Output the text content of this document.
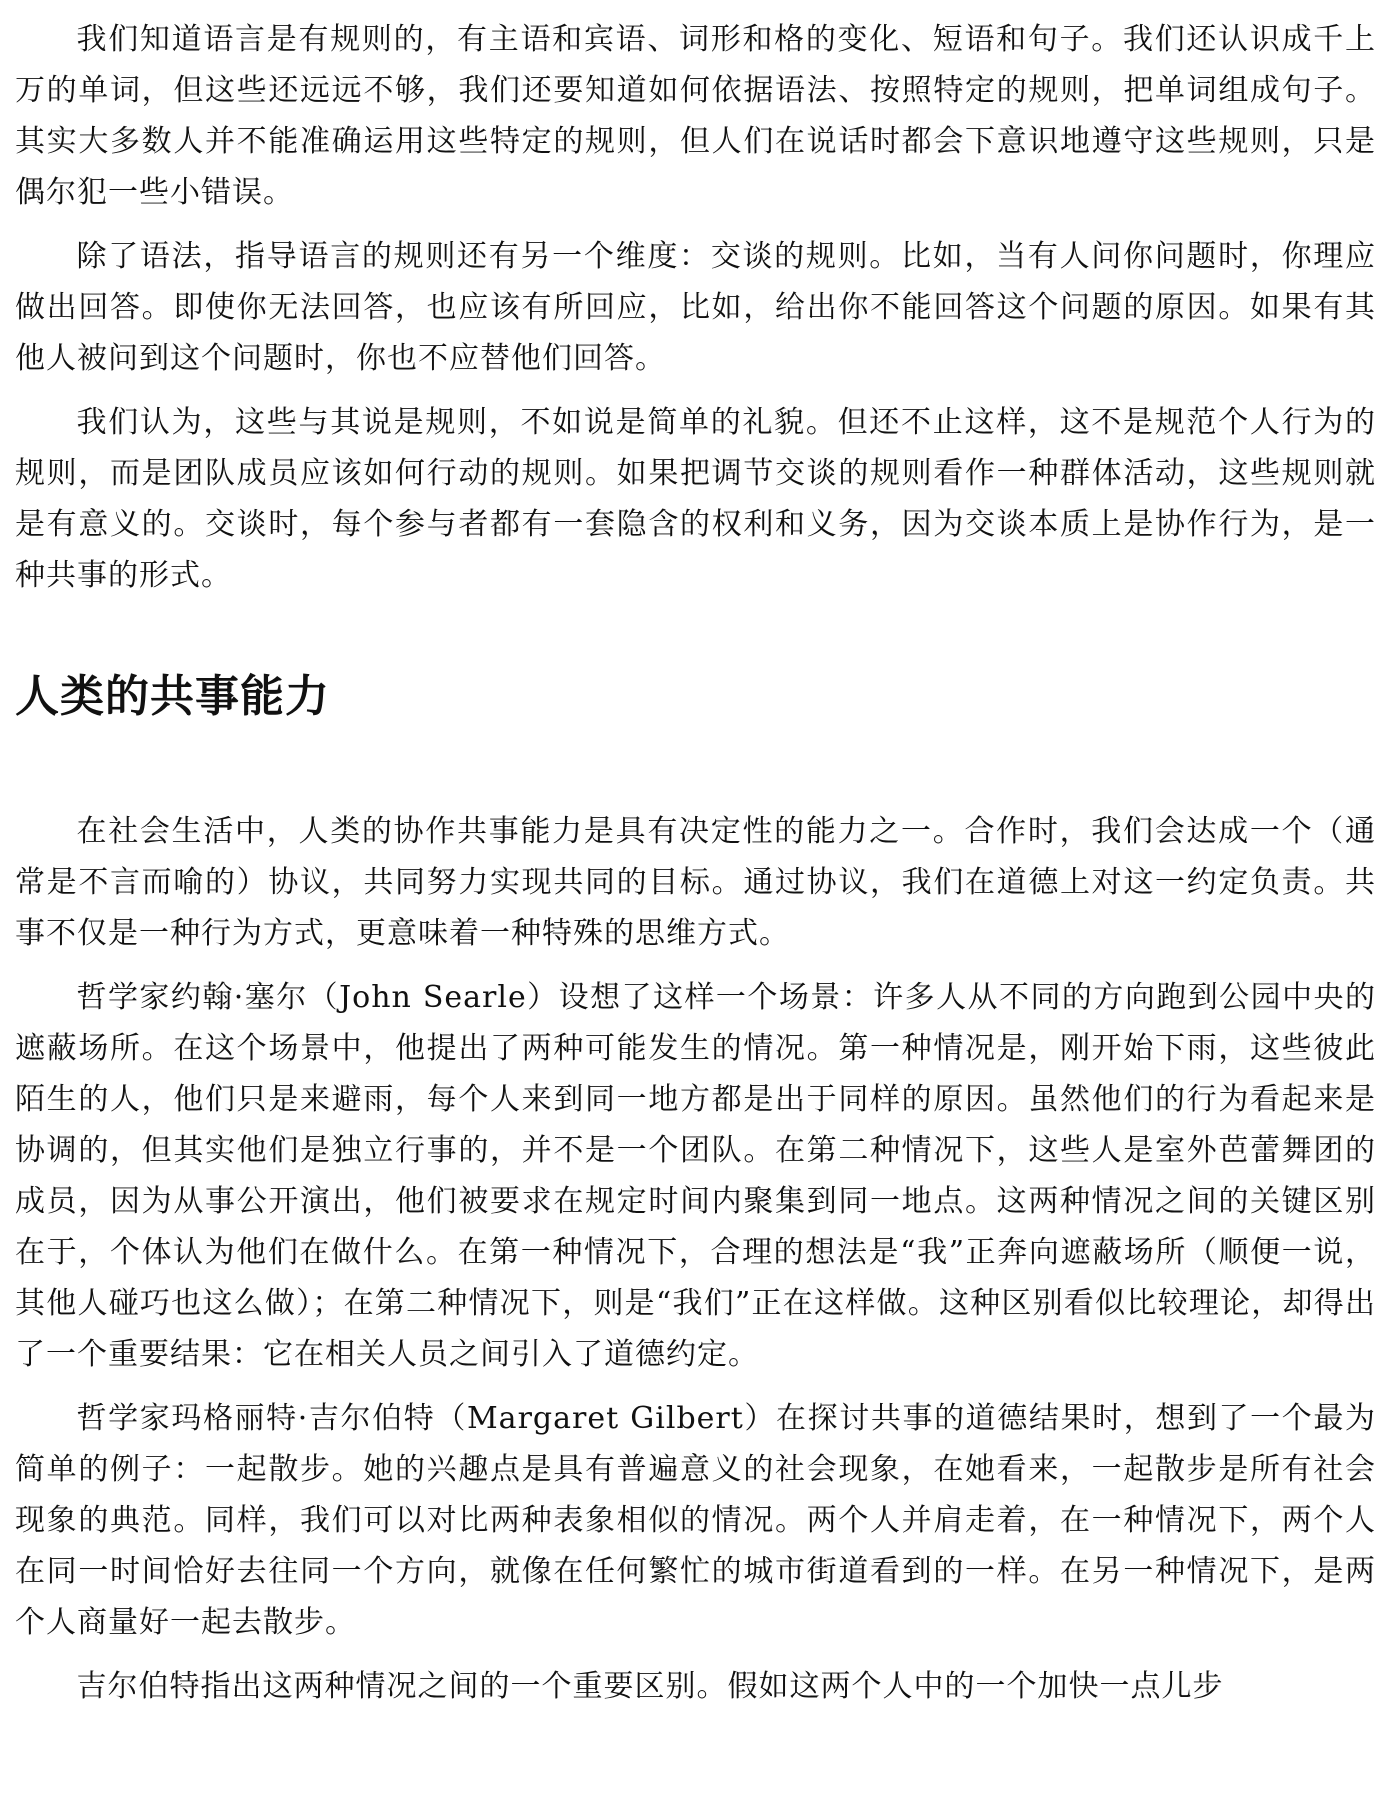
我们知道语言是有规则的，有主语和宾语、词形和格的变化、短语和句子。我们还认识成千上万的单词，但这些还远远不够，我们还要知道如何依据语法、按照特定的规则，把单词组成句子。其实大多数人并不能准确运用这些特定的规则，但人们在说话时都会下意识地遵守这些规则，只是偶尔犯一些小错误。

除了语法，指导语言的规则还有另一个维度：交谈的规则。比如，当有人问你问题时，你理应做出回答。即使你无法回答，也应该有所回应，比如，给出你不能回答这个问题的原因。如果有其他人被问到这个问题时，你也不应替他们回答。

我们认为，这些与其说是规则，不如说是简单的礼貌。但还不止这样，这不是规范个人行为的规则，而是团队成员应该如何行动的规则。如果把调节交谈的规则看作一种群体活动，这些规则就是有意义的。交谈时，每个参与者都有一套隐含的权利和义务，因为交谈本质上是协作行为，是一种共事的形式。

人类的共事能力

在社会生活中，人类的协作共事能力是具有决定性的能力之一。合作时，我们会达成一个（通常是不言而喻的）协议，共同努力实现共同的目标。通过协议，我们在道德上对这一约定负责。共事不仅是一种行为方式，更意味着一种特殊的思维方式。

哲学家约翰·塞尔（John Searle）设想了这样一个场景：许多人从不同的方向跑到公园中央的遮蔽场所。在这个场景中，他提出了两种可能发生的情况。第一种情况是，刚开始下雨，这些彼此陌生的人，他们只是来避雨，每个人来到同一地方都是出于同样的原因。虽然他们的行为看起来是协调的，但其实他们是独立行事的，并不是一个团队。在第二种情况下，这些人是室外芭蕾舞团的成员，因为从事公开演出，他们被要求在规定时间内聚集到同一地点。这两种情况之间的关键区别在于，个体认为他们在做什么。在第一种情况下，合理的想法是“我”正奔向遮蔽场所（顺便一说，其他人碰巧也这么做）；在第二种情况下，则是“我们”正在这样做。这种区别看似比较理论，却得出了一个重要结果：它在相关人员之间引入了道德约定。

哲学家玛格丽特·吉尔伯特（Margaret Gilbert）在探讨共事的道德结果时，想到了一个最为简单的例子：一起散步。她的兴趣点是具有普遍意义的社会现象，在她看来，一起散步是所有社会现象的典范。同样，我们可以对比两种表象相似的情况。两个人并肩走着，在一种情况下，两个人在同一时间恰好去往同一个方向，就像在任何繁忙的城市街道看到的一样。在另一种情况下，是两个人商量好一起去散步。

吉尔伯特指出这两种情况之间的一个重要区别。假如这两个人中的一个加快一点儿步
